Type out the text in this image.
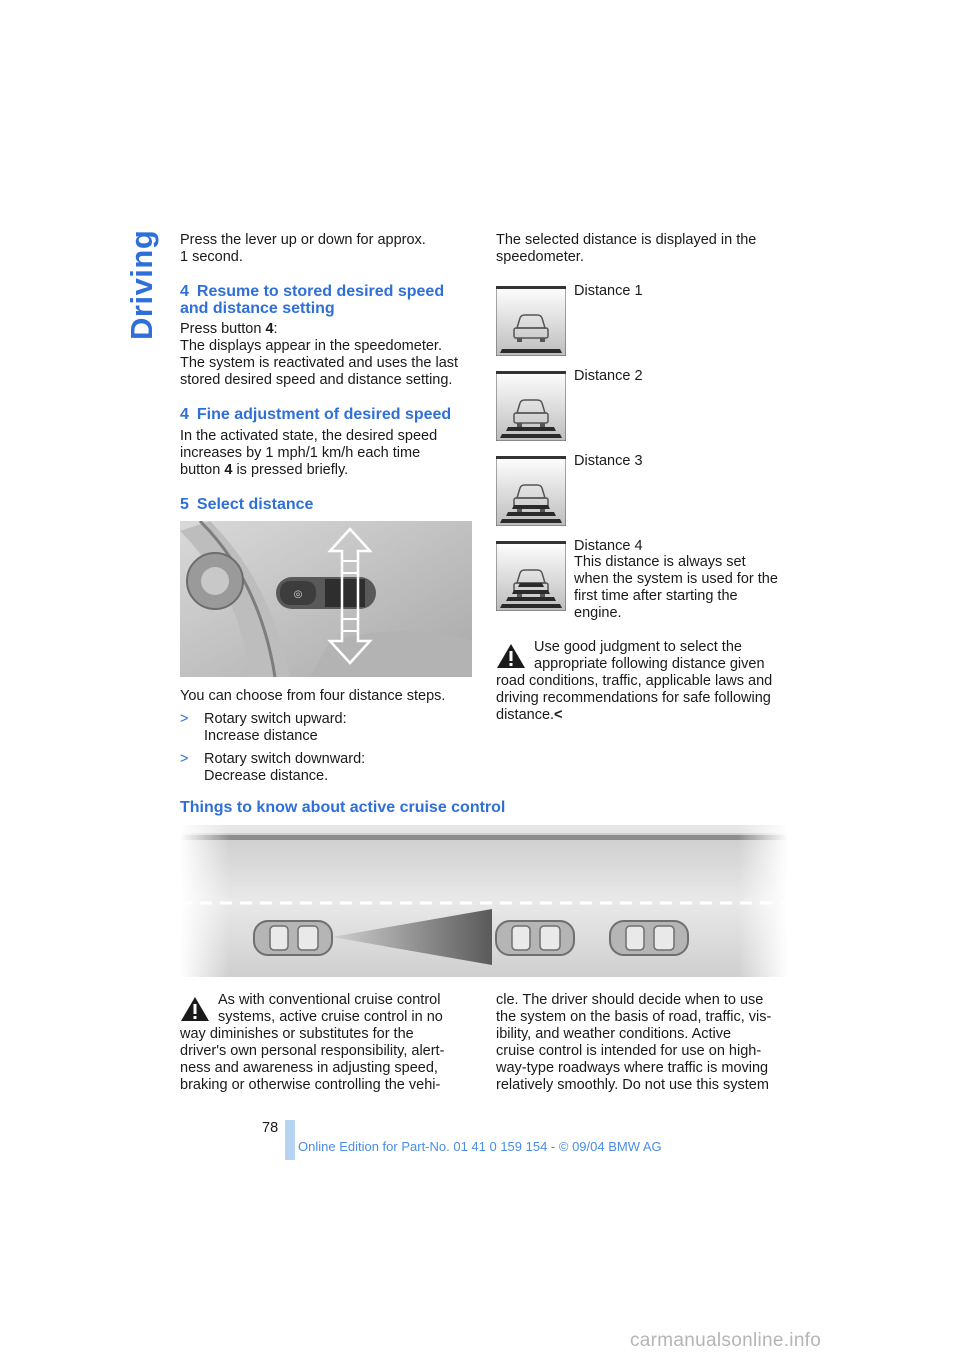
Driving Press the lever up or down for approx.

1 second.

4 Resume to stored desired speed
and distance setting

Press button 4:

The displays appear in the speedometer.

The system is reactivated and uses the last

stored desired speed and distance setting.

4 Fine adjustment of desired speed

In the activated state, the desired speed

increases by 1 mph/1 km/h each time

button 4 is pressed briefly.

5 Select distance
◎

You can choose from four distance steps.

> Rotary switch upward:
Increase distance
> Rotary switch downward:
Decrease distance.

The selected distance is displayed in the

speedometer.

Distance 1
Distance 2
Distance 3
Distance 4

This distance is always set

when the system is used for the

first time after starting the

engine.

Use good judgment to select the

appropriate following distance given

road conditions, traffic, applicable laws and

driving recommendations for safe following

distance.<

Things to know about active cruise control

As with conventional cruise control

systems, active cruise control in no

way diminishes or substitutes for the

driver's own personal responsibility, alert-

ness and awareness in adjusting speed,

braking or otherwise controlling the vehi-

cle. The driver should decide when to use

the system on the basis of road, traffic, vis-

ibility, and weather conditions. Active

cruise control is intended for use on high-

way-type roadways where traffic is moving

relatively smoothly. Do not use this system

78
Online Edition for Part-No. 01 41 0 159 154 - © 09/04 BMW AG
carmanualsonline.info
